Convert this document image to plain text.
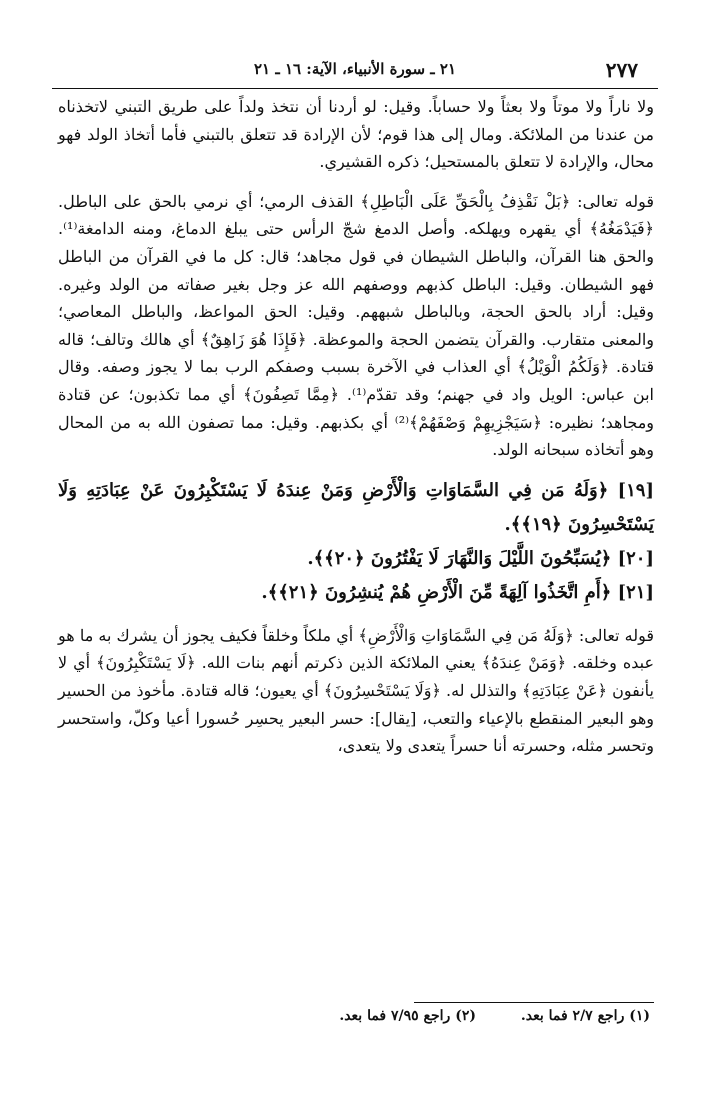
٢٧٧
٢١ ـ سورة الأنبياء، الآية: ١٦ ـ ٢١

ولا ناراً ولا موتاً ولا بعثاً ولا حساباً. وقيل: لو أردنا أن نتخذ ولداً على طريق التبني لاتخذناه من عندنا من الملائكة. ومال إلى هذا قوم؛ لأن الإرادة قد تتعلق بالتبني فأما أتخاذ الولد فهو محال، والإرادة لا تتعلق بالمستحيل؛ ذكره القشيري.

قوله تعالى: ﴿بَلْ نَقْذِفُ بِالْحَقِّ عَلَى الْبَاطِلِ﴾ القذف الرمي؛ أي نرمي بالحق على الباطل. ﴿فَيَدْمَغُهُ﴾ أي يقهره ويهلكه. وأصل الدمغ شجّ الرأس حتى يبلغ الدماغ، ومنه الدامغة⁽¹⁾. والحق هنا القرآن، والباطل الشيطان في قول مجاهد؛ قال: كل ما في القرآن من الباطل فهو الشيطان. وقيل: الباطل كذبهم ووصفهم الله عز وجل بغير صفاته من الولد وغيره. وقيل: أراد بالحق الحجة، وبالباطل شبههم. وقيل: الحق المواعظ، والباطل المعاصي؛ والمعنى متقارب. والقرآن يتضمن الحجة والموعظة. ﴿فَإِذَا هُوَ زَاهِقٌ﴾ أي هالك وتالف؛ قاله قتادة. ﴿وَلَكُمُ الْوَيْلُ﴾ أي العذاب في الآخرة بسبب وصفكم الرب بما لا يجوز وصفه. وقال ابن عباس: الويل واد في جهنم؛ وقد تقدّم⁽¹⁾. ﴿مِمَّا تَصِفُونَ﴾ أي مما تكذبون؛ عن قتادة ومجاهد؛ نظيره: ﴿سَيَجْزِيهِمْ وَصْفَهُمْ﴾⁽²⁾ أي بكذبهم. وقيل: مما تصفون الله به من المحال وهو أتخاذه سبحانه الولد.

[١٩] ﴿وَلَهُ مَن فِي السَّمَاوَاتِ وَالْأَرْضِ وَمَنْ عِندَهُ لَا يَسْتَكْبِرُونَ عَنْ عِبَادَتِهِ وَلَا يَسْتَحْسِرُونَ ﴿١٩﴾﴾.

[٢٠] ﴿يُسَبِّحُونَ اللَّيْلَ وَالنَّهَارَ لَا يَفْتُرُونَ ﴿٢٠﴾﴾.

[٢١] ﴿أَمِ اتَّخَذُوا آلِهَةً مِّنَ الْأَرْضِ هُمْ يُنشِرُونَ ﴿٢١﴾﴾.

قوله تعالى: ﴿وَلَهُ مَن فِي السَّمَاوَاتِ وَالْأَرْضِ﴾ أي ملكاً وخلقاً فكيف يجوز أن يشرك به ما هو عبده وخلقه. ﴿وَمَنْ عِندَهُ﴾ يعني الملائكة الذين ذكرتم أنهم بنات الله. ﴿لَا يَسْتَكْبِرُونَ﴾ أي لا يأنفون ﴿عَنْ عِبَادَتِهِ﴾ والتذلل له. ﴿وَلَا يَسْتَحْسِرُونَ﴾ أي يعيون؛ قاله قتادة. مأخوذ من الحسير وهو البعير المنقطع بالإعياء والتعب، [يقال]: حسر البعير يحسِر حُسورا أعيا وكلّ، واستحسر وتحسر مثله، وحسرته أنا حسراً يتعدى ولا يتعدى،

(١) راجع ٢/٧ فما بعد. (٢) راجع ٧/٩٥ فما بعد.
